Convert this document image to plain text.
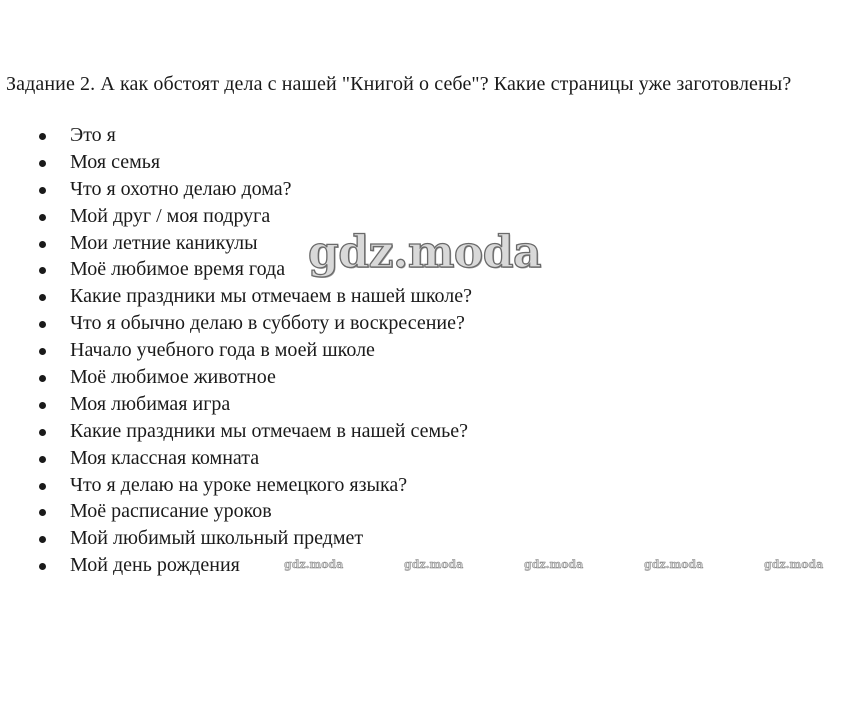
Задание 2. А как обстоят дела с нашей "Книгой о себе"? Какие страницы уже заготовлены?
Это я
Моя семья
Что я охотно делаю дома?
Мой друг / моя подруга
Мои летние каникулы
Моё любимое время года
Какие праздники мы отмечаем в нашей школе?
Что я обычно делаю в субботу и воскресение?
Начало учебного года в моей школе
Моё любимое животное
Моя любимая игра
Какие праздники мы отмечаем в нашей семье?
Моя классная комната
Что я делаю на уроке немецкого языка?
Моё расписание уроков
Мой любимый школьный предмет
Мой день рождения
gdz.moda
gdz.moda	gdz.moda	gdz.moda	gdz.moda	gdz.moda
